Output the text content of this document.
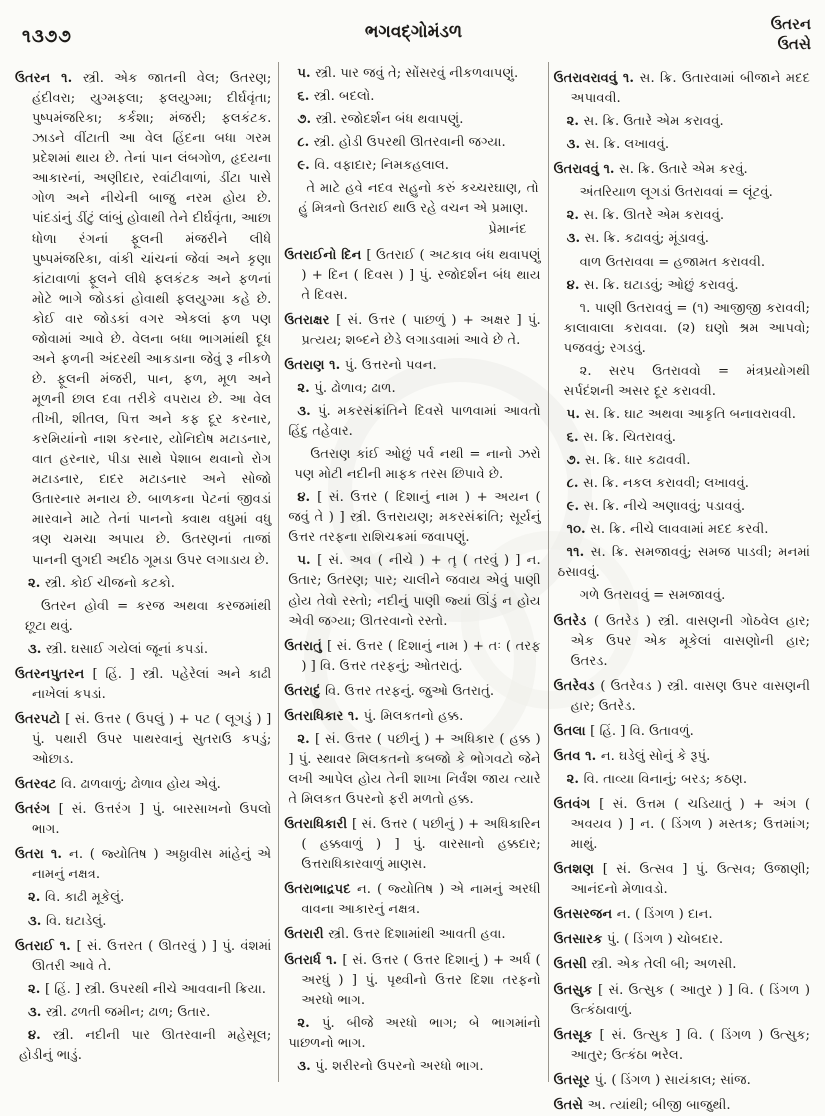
૧૩૭૭	ભગવદ્ગોમંડળ	ઉતરન
ઉતસે

ઉતરન ૧. સ્ત્રી. એક જાતની વેલ; ઉતરણ; હંદીવરા; યુગ્મફલા; ફલયુગ્મા; દીર્ઘવૃંતા; પુષ્પમંજરિકા; કર્કશા; મંજરી; ફલકંટક. ઝાડને વીંટાતી આ વેલ હિંદના બધા ગરમ પ્રદેશમાં થાય છે. તેનાં પાન લંબગોળ, હૃદયના આકારનાં, અણીદાર, રવાંટીવાળાં, ડીંટા પાસે ગોળ અને નીચેની બાજુ નરમ હોય છે. પાંદડાંનું ડીંટું લાંબું હોવાથી તેને દીર્ઘવૃંતા, આછા ધોળા રંગનાં ફૂલની મંજરીને લીધે પુષ્પમંજરિકા, વાંકી ચાંચનાં જેવાં અને કૃણા કાંટાવાળાં ફૂલને લીધે ફલકંટક અને ફળનાં મોટે ભાગે જોડકાં હોવાથી ફલયુગ્મા કહે છે. કોઈ વાર જોડકાં વગર એકલાં ફળ પણ જોવામાં આવે છે. વેલના બધા ભાગમાંથી દૂધ અને ફળની અંદરથી આકડાના જેવું રૂ નીકળે છે. ફૂલની મંજરી, પાન, ફળ, મૂળ અને મૂળની છાલ દવા તરીકે વપરાય છે. આ વેલ તીખી, શીતલ, પિત્ત અને કફ દૂર કરનાર, કરમિયાંનો નાશ કરનાર, યોનિદોષ મટાડનાર, વાત હરનાર, પીડા સાથે પેશાબ થવાનો રોગ મટાડનાર, દાદર મટાડનાર અને સોજો ઉતારનાર મનાય છે. બાળકના પેટનાં જીવડાં મારવાને માટે તેનાં પાનનો ક્વાથ વધુમાં વધુ ત્રણ ચમચા અપાય છે. ઉતરણનાં તાજાં પાનની લુગદી અદીઠ ગૂમડા ઉપર લગાડાય છે.

૨. સ્ત્રી. કોઈ ચીજનો કટકો.

ઉતરન હોવી = કરજ અથવા કરજમાંથી છૂટા થવું.

૩. સ્ત્રી. ઘસાઈ ગયેલાં જૂનાં કપડાં.

ઉતરનપુતરન [ હિં. ] સ્ત્રી. પહેરેલાં અને કાઢી નાખેલાં કપડાં.

ઉતરપટો [ સં. ઉત્તર ( ઉપલું ) + પટ ( લૂગડું ) ] પું. પથારી ઉપર પાથરવાનું સુતરાઉ કપડું; ઓછાડ.

ઉતરવટ વિ. ઢાળવાળું; ઢોળાવ હોય એવું.

ઉતરંગ [ સં. ઉત્તરંગ ] પું. બારસાખનો ઉપલો ભાગ.

ઉતરા ૧. ન. ( જ્યોતિષ ) અઠ્ઠાવીસ માંહેનું એ નામનું નક્ષત્ર.

૨. વિ. કાઢી મૂકેલું.

૩. વિ. ઘટાડેલું.

ઉતરાઈ ૧. [ સં. ઉત્તરત ( ઊતરવું ) ] પું. વંશમાં ઊતરી આવે તે.

૨. [ હિં. ] સ્ત્રી. ઉપરથી નીચે આવવાની ક્રિયા.

૩. સ્ત્રી. ઢળતી જમીન; ઢાળ; ઉતાર.

૪. સ્ત્રી. નદીની પાર ઊતરવાની મહેસૂલ; હોડીનું ભાડું.

૫. સ્ત્રી. પાર જવું તે; સોંસરવું નીકળવાપણું.

૬. સ્ત્રી. બદલો.

૭. સ્ત્રી. રજોદર્શન બંધ થવાપણું.

૮. સ્ત્રી. હોડી ઉપરથી ઊતરવાની જગ્યા.

૯. વિ. વફાદાર; નિમકહલાલ.

તે માટે હવે નદવ સહુનો કરું કચ્ચરઘાણ, તો હું મિત્રનો ઉતરાઈ થાઉ રહે વચન એ પ્રમાણ.

પ્રેમાનંદ

ઉતરાઈનો દિન [ ઉતરાઈ ( અટકાવ બંધ થવાપણું ) + દિન ( દિવસ ) ] પું. રજોદર્શન બંધ થાય તે દિવસ.

ઉતરાક્ષર [ સં. ઉત્તર ( પાછળું ) + અક્ષર ] પું. પ્રત્યય; શબ્દને છેડે લગાડવામાં આવે છે તે.

ઉતરાણ ૧. પું. ઉત્તરનો પવન.

૨. પું. ઢોળાવ; ઢાળ.

૩. પું. મકરસંક્રાંતિને દિવસે પાળવામાં આવતો હિંદુ તહેવાર.

ઉતરાણ કાંઈ ઓછું પર્વ નથી = નાનો ઝરો પણ મોટી નદીની માફક તરસ છિપાવે છે.

૪. [ સં. ઉત્તર ( દિશાનું નામ ) + અયન ( જવું તે ) ] સ્ત્રી. ઉત્તરાયણ; મકરસંક્રાંતિ; સૂર્યનું ઉત્તર તરફના રાશિચક્રમાં જવાપણું.

૫. [ સં. અવ ( નીચે ) + તૄ ( તરવું ) ] ન. ઉતાર; ઉતરણ; પાર; ચાલીને જવાય એવું પાણી હોય તેવો રસ્તો; નદીનું પાણી જ્યાં ઊંડું ન હોય એવી જગ્યા; ઊતરવાનો રસ્તો.

ઉતરાતું [ સં. ઉત્તર ( દિશાનું નામ ) + તઃ ( તરફ ) ] વિ. ઉત્તર તરફનું; ઓતરાતું.

ઉતરાદું વિ. ઉત્તર તરફનું. જુઓ ઉતરાતું.

ઉતરાધિકાર ૧. પું. મિલકતનો હક્ક.

૨. [ સં. ઉત્તર ( પછીનું ) + અધિકાર ( હક્ક ) ] પું. સ્થાવર મિલકતનો કબજો કે ભોગવટો જેને લખી આપેલ હોય તેની શાખા નિર્વંશ જાય ત્યારે તે મિલકત ઉપરનો ફરી મળતો હક્ક.

ઉતરાધિકારી [ સં. ઉત્તર ( પછીનું ) + અધિકારિન ( હક્કવાળું ) ] પું. વારસાનો હક્કદાર; ઉત્તરાધિકારવાળું માણસ.

ઉતરાભાદ્રપદ ન. ( જ્યોતિષ ) એ નામનું અરધી વાવના આકારનું નક્ષત્ર.

ઉતરારી સ્ત્રી. ઉત્તર દિશામાંથી આવતી હવા.

ઉતરાર્ધ ૧. [ સં. ઉત્તર ( ઉત્તર દિશાનું ) + અર્ધ ( અરધું ) ] પું. પૃથ્વીનો ઉત્તર દિશા તરફનો અરધો ભાગ.

૨. પું. બીજે અરધો ભાગ; બે ભાગમાંનો પાછળનો ભાગ.

૩. પું. શરીરનો ઉપરનો અરધો ભાગ.

ઉતરાવરાવવું ૧. સ. ક્રિ. ઉતારવામાં બીજાને મદદ અપાવવી.

૨. સ. ક્રિ. ઉતારે એમ કરાવવું.

૩. સ. ક્રિ. લખાવવું.

ઉતરાવવું ૧. સ. ક્રિ. ઉતારે એમ કરવું.

અંતરિયાળ લૂગડાં ઉતરાવવાં = લૂંટવું.

૨. સ. ક્રિ. ઊતરે એમ કરાવવું.

૩. સ. ક્રિ. કઢાવવું; મૂંડાવવું.

વાળ ઉતરાવવા = હજામત કરાવવી.

૪. સ. ક્રિ. ઘટાડવું; ઓછું કરાવવું.

૧. પાણી ઉતરાવવું = (૧) આજીજી કરાવવી; કાલાવાલા કરાવવા. (૨) ઘણો શ્રમ આપવો; પજવવું; રગડવું.

૨. સરપ ઉતરાવવો = મંત્રપ્રયોગથી સર્પદંશની અસર દૂર કરાવવી.

૫. સ. ક્રિ. ઘાટ અથવા આકૃતિ બનાવરાવવી.

૬. સ. ક્રિ. ચિતરાવવું.

૭. સ. ક્રિ. ધાર કઢાવવી.

૮. સ. ક્રિ. નકલ કરાવવી; લખાવવું.

૯. સ. ક્રિ. નીચે અણાવવું; પડાવવું.

૧૦. સ. ક્રિ. નીચે લાવવામાં મદદ કરવી.

૧૧. સ. ક્રિ. સમજાવવું; સમજ પાડવી; મનમાં ઠસાવવું.

ગળે ઉતરાવવું = સમજાવવું.

ઉતરેડ ( ઉતરેડ ) સ્ત્રી. વાસણની ગોઠવેલ હાર; એક ઉપર એક મૂકેલાં વાસણોની હાર; ઉતરડ.

ઉતરેવડ ( ઉતરેવડ ) સ્ત્રી. વાસણ ઉપર વાસણની હાર; ઉતરેડ.

ઉતલા [ હિં. ] વિ. ઉતાવળું.

ઉતવ ૧. ન. ઘડેલું સોનું કે રૂપું.

૨. વિ. તાવ્યા વિનાનું; બરડ; કઠણ.

ઉતવંગ [ સં. ઉત્તમ ( ચડિયાતું ) + અંગ ( અવયવ ) ] ન. ( ડિંગળ ) મસ્તક; ઉત્તમાંગ; માથું.

ઉતશણ [ સં. ઉત્સવ ] પું. ઉત્સવ; ઉજાણી; આનંદનો મેળાવડો.

ઉતસરજન ન. ( ડિંગળ ) દાન.

ઉતસારક પું. ( ડિંગળ ) ચોબદાર.

ઉતસી સ્ત્રી. એક તેલી બી; અળસી.

ઉતસુક [ સં. ઉત્સુક ( આતુર ) ] વિ. ( ડિંગળ ) ઉત્કંઠાવાળું.

ઉતસૂક [ સં. ઉત્સુક ] વિ. ( ડિંગળ ) ઉત્સુક; આતુર; ઉત્કંઠા ભરેલ.

ઉતસૂર પું. ( ડિંગળ ) સાયંકાલ; સાંજ.

ઉતસે અ. ત્યાંથી; બીજી બાજુથી.
